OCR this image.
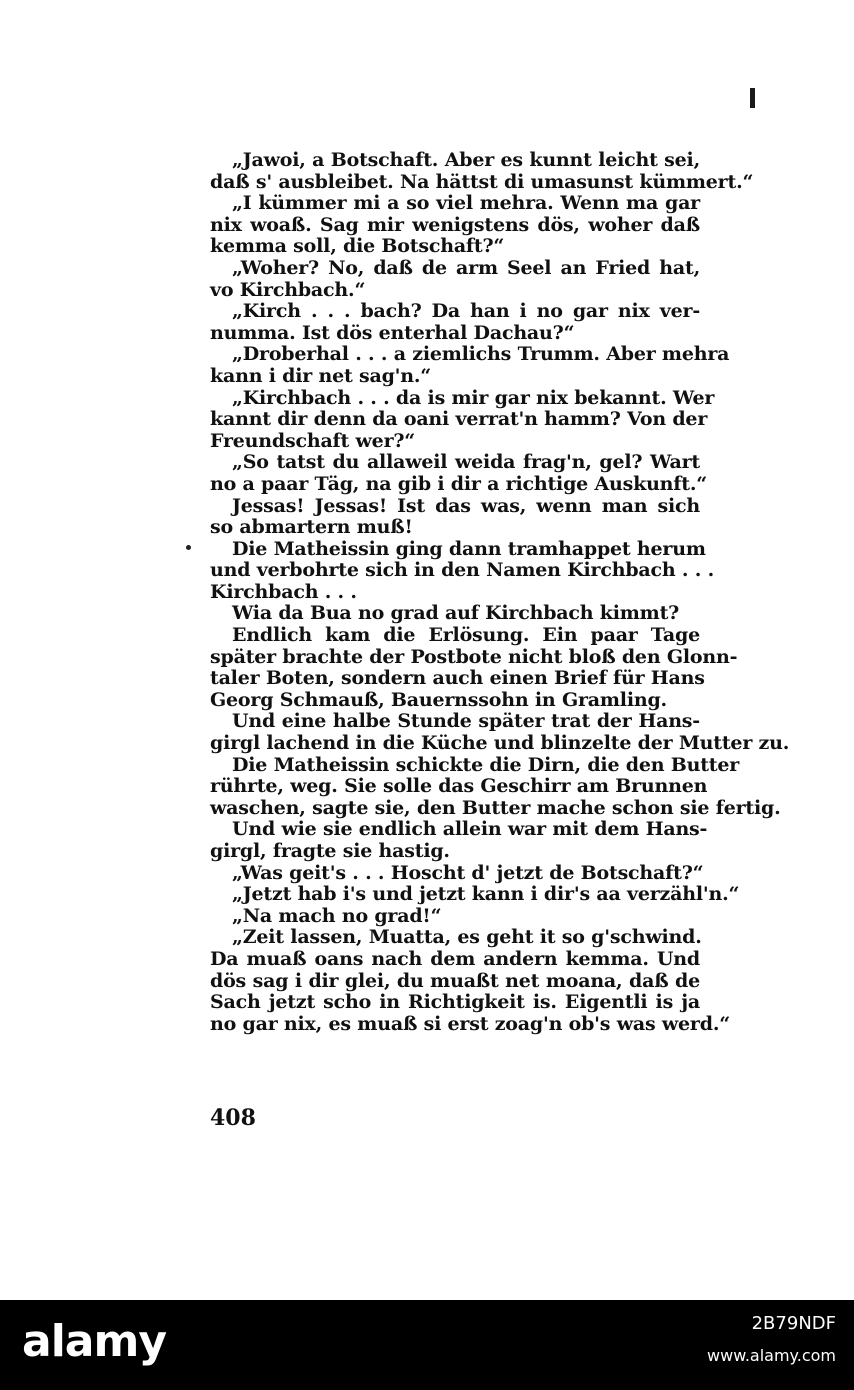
„Jawoi, a Botschaft. Aber es kunnt leicht sei,
daß s' ausbleibet. Na hättst di umasunst kümmert.“
„I kümmer mi a so viel mehra. Wenn ma gar
nix woaß. Sag mir wenigstens dös, woher daß
kemma soll, die Botschaft?“
„Woher? No, daß de arm Seel an Fried hat,
vo Kirchbach.“
„Kirch . . . bach? Da han i no gar nix ver-
numma. Ist dös enterhal Dachau?“
„Droberhal . . . a ziemlichs Trumm. Aber mehra
kann i dir net sag'n.“
„Kirchbach . . . da is mir gar nix bekannt. Wer
kannt dir denn da oani verrat'n hamm? Von der
Freundschaft wer?“
„So tatst du allaweil weida frag'n, gel? Wart
no a paar Täg, na gib i dir a richtige Auskunft.“
Jessas! Jessas! Ist das was, wenn man sich
so abmartern muß!
Die Matheissin ging dann tramhappet herum
und verbohrte sich in den Namen Kirchbach . . .
Kirchbach . . .
Wia da Bua no grad auf Kirchbach kimmt?
Endlich kam die Erlösung. Ein paar Tage
später brachte der Postbote nicht bloß den Glonn-
taler Boten, sondern auch einen Brief für Hans
Georg Schmauß, Bauernssohn in Gramling.
Und eine halbe Stunde später trat der Hans-
girgl lachend in die Küche und blinzelte der Mutter zu.
Die Matheissin schickte die Dirn, die den Butter
rührte, weg. Sie solle das Geschirr am Brunnen
waschen, sagte sie, den Butter mache schon sie fertig.
Und wie sie endlich allein war mit dem Hans-
girgl, fragte sie hastig.
„Was geit's . . . Hoscht d' jetzt de Botschaft?“
„Jetzt hab i's und jetzt kann i dir's aa verzähl'n.“
„Na mach no grad!“
„Zeit lassen, Muatta, es geht it so g'schwind.
Da muaß oans nach dem andern kemma. Und
dös sag i dir glei, du muaßt net moana, daß de
Sach jetzt scho in Richtigkeit is. Eigentli is ja
no gar nix, es muaß si erst zoag'n ob's was werd.“
408
alamy	2B79NDF
www.alamy.com
